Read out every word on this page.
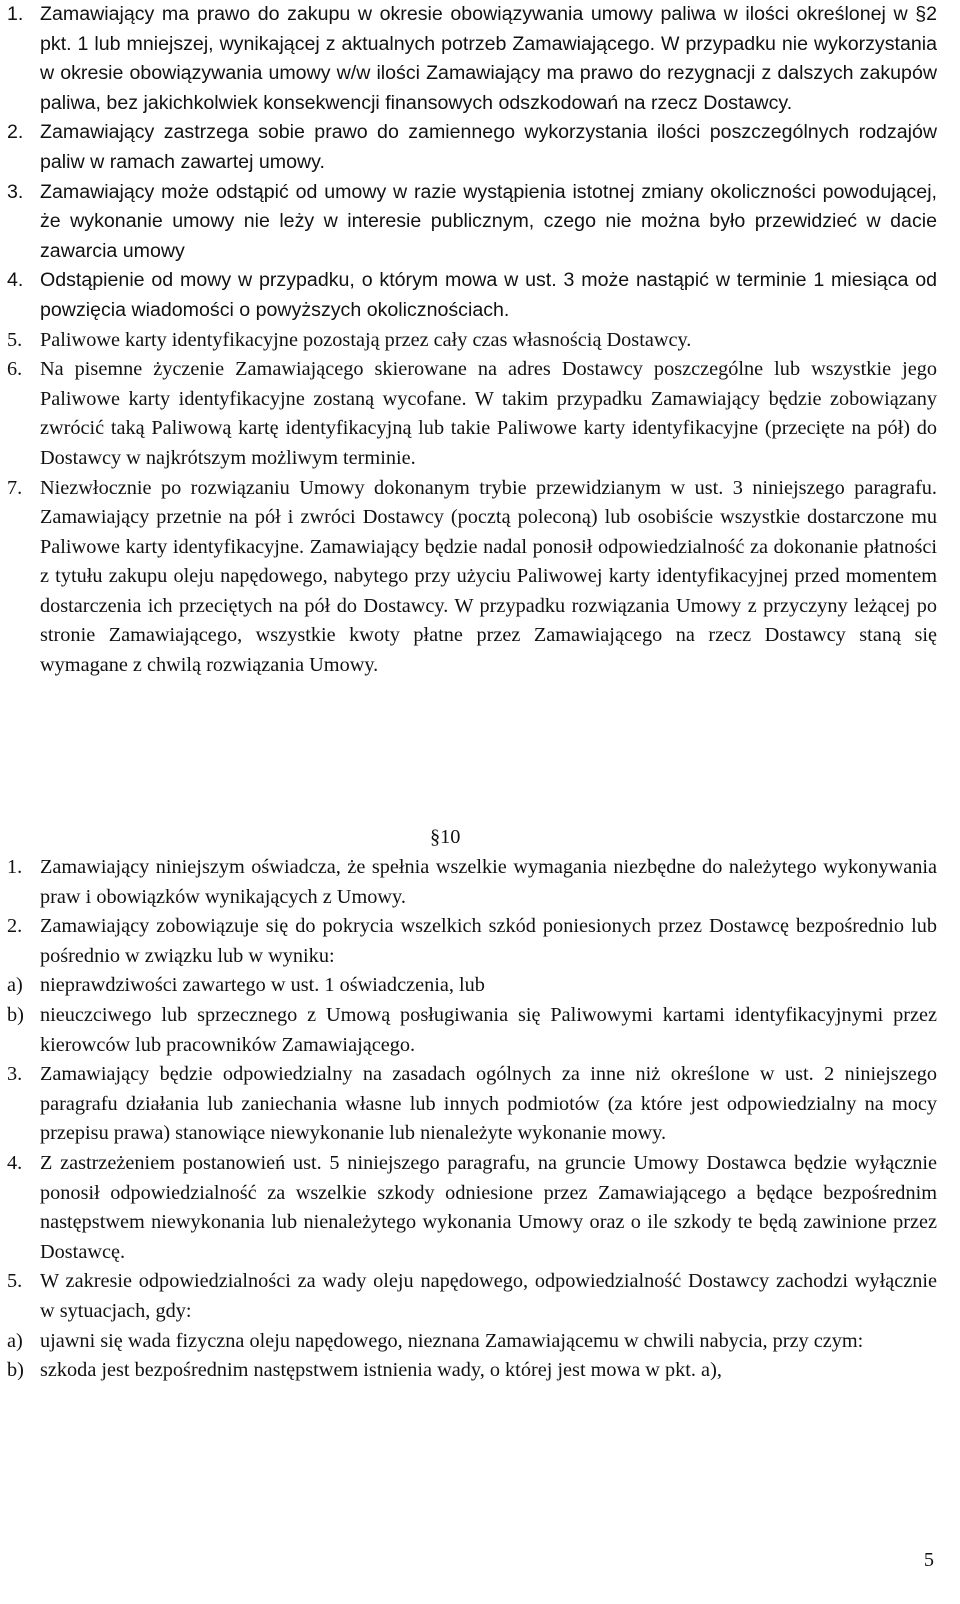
1. Zamawiający ma prawo do zakupu w okresie obowiązywania umowy paliwa w ilości określonej w §2 pkt. 1 lub mniejszej, wynikającej z aktualnych potrzeb Zamawiającego. W przypadku nie wykorzystania w okresie obowiązywania umowy w/w ilości Zamawiający ma prawo do rezygnacji z dalszych zakupów paliwa, bez jakichkolwiek konsekwencji finansowych odszkodowań na rzecz Dostawcy.
2. Zamawiający zastrzega sobie prawo do zamiennego wykorzystania ilości poszczególnych rodzajów paliw w ramach zawartej umowy.
3. Zamawiający może odstąpić od umowy w razie wystąpienia istotnej zmiany okoliczności powodującej, że wykonanie umowy nie leży w interesie publicznym, czego nie można było przewidzieć w dacie zawarcia umowy
4. Odstąpienie od mowy w przypadku, o którym mowa w ust. 3 może nastąpić w terminie 1 miesiąca od powzięcia wiadomości o powyższych okolicznościach.
5. Paliwowe karty identyfikacyjne pozostają przez cały czas własnością Dostawcy.
6. Na pisemne życzenie Zamawiającego skierowane na adres Dostawcy poszczególne lub wszystkie jego Paliwowe karty identyfikacyjne zostaną wycofane. W takim przypadku Zamawiający będzie zobowiązany zwrócić taką Paliwową kartę identyfikacyjną lub takie Paliwowe karty identyfikacyjne (przecięte na pół) do Dostawcy w najkrótszym możliwym terminie.
7. Niezwłocznie po rozwiązaniu Umowy dokonanym trybie przewidzianym w ust. 3 niniejszego paragrafu. Zamawiający przetnie na pół i zwróci Dostawcy (pocztą poleconą) lub osobiście wszystkie dostarczone mu Paliwowe karty identyfikacyjne. Zamawiający będzie nadal ponosił odpowiedzialność za dokonanie płatności z tytułu zakupu oleju napędowego, nabytego przy użyciu Paliwowej karty identyfikacyjnej przed momentem dostarczenia ich przeciętych na pół do Dostawcy. W przypadku rozwiązania Umowy z przyczyny leżącej po stronie Zamawiającego, wszystkie kwoty płatne przez Zamawiającego na rzecz Dostawcy staną się wymagane z chwilą rozwiązania Umowy.
§10
1. Zamawiający niniejszym oświadcza, że spełnia wszelkie wymagania niezbędne do należytego wykonywania praw i obowiązków wynikających z Umowy.
2. Zamawiający zobowiązuje się do pokrycia wszelkich szkód poniesionych przez Dostawcę bezpośrednio lub pośrednio w związku lub w wyniku:
a) nieprawdziwości zawartego w ust. 1 oświadczenia, lub
b) nieuczciwego lub sprzecznego z Umową posługiwania się Paliwowymi kartami identyfikacyjnymi przez kierowców lub pracowników Zamawiającego.
3. Zamawiający będzie odpowiedzialny na zasadach ogólnych za inne niż określone w ust. 2 niniejszego paragrafu działania lub zaniechania własne lub innych podmiotów (za które jest odpowiedzialny na mocy przepisu prawa) stanowiące niewykonanie lub nienależyte wykonanie mowy.
4. Z zastrzeżeniem postanowień ust. 5 niniejszego paragrafu, na gruncie Umowy Dostawca będzie wyłącznie ponosił odpowiedzialność za wszelkie szkody odniesione przez Zamawiającego a będące bezpośrednim następstwem niewykonania lub nienależytego wykonania Umowy oraz o ile szkody te będą zawinione przez Dostawcę.
5. W zakresie odpowiedzialności za wady oleju napędowego, odpowiedzialność Dostawcy zachodzi wyłącznie w sytuacjach, gdy:
a) ujawni się wada fizyczna oleju napędowego, nieznana Zamawiającemu w chwili nabycia, przy czym:
b) szkoda jest bezpośrednim następstwem istnienia wady, o której jest mowa w pkt. a),
5
